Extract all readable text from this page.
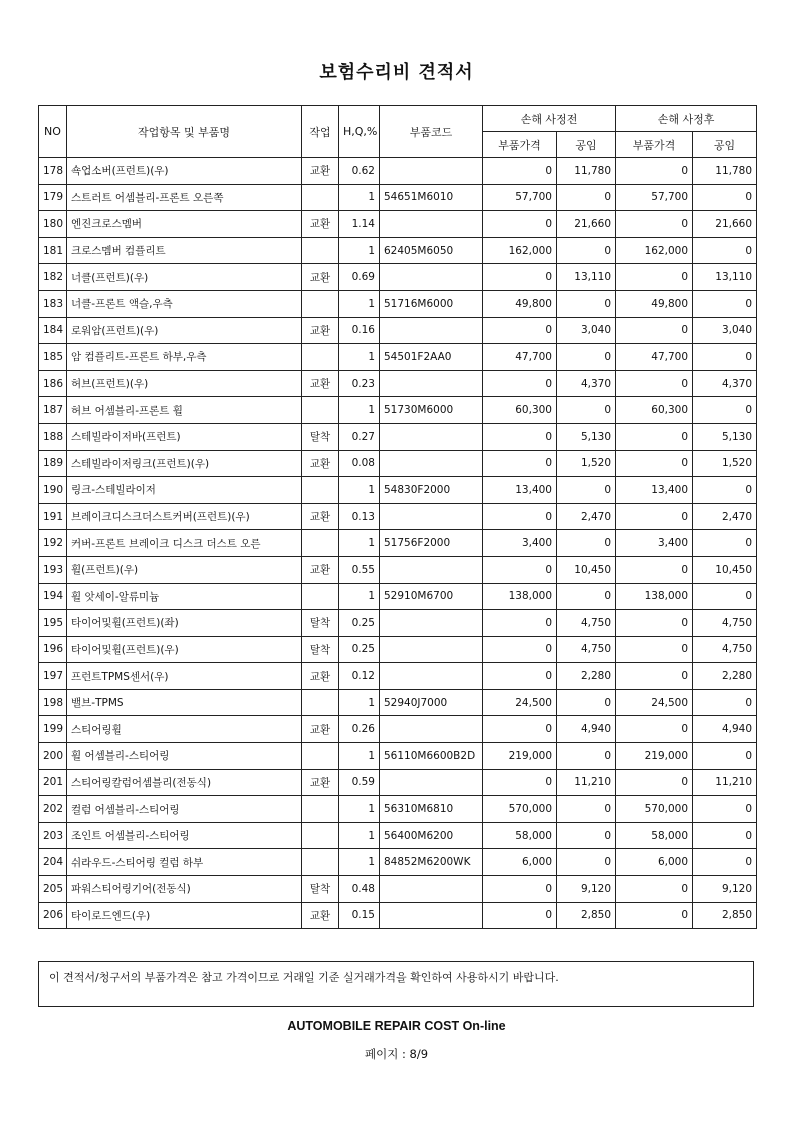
보험수리비 견적서
NO	작업항목 및 부품명	작업	H,Q,%	부품코드	손해 사정전		손해 사정후	
					부품가격	공임	부품가격	공임
178	쇽업소버(프런트)(우)	교환	0.62		0	11,780	0	11,780
179	스트러트 어셈블리-프론트 오른쪽		1	54651M6010	57,700	0	57,700	0
180	엔진크로스멤버	교환	1.14		0	21,660	0	21,660
181	크로스멤버 컴플리트		1	62405M6050	162,000	0	162,000	0
182	너클(프런트)(우)	교환	0.69		0	13,110	0	13,110
183	너클-프론트 액슬,우측		1	51716M6000	49,800	0	49,800	0
184	로워암(프런트)(우)	교환	0.16		0	3,040	0	3,040
185	암 컴플리트-프론트 하부,우측		1	54501F2AA0	47,700	0	47,700	0
186	허브(프런트)(우)	교환	0.23		0	4,370	0	4,370
187	허브 어셈블리-프론트 휠		1	51730M6000	60,300	0	60,300	0
188	스테빌라이저바(프런트)	탈착	0.27		0	5,130	0	5,130
189	스테빌라이저링크(프런트)(우)	교환	0.08		0	1,520	0	1,520
190	링크-스테빌라이저		1	54830F2000	13,400	0	13,400	0
191	브레이크디스크더스트커버(프런트)(우)	교환	0.13		0	2,470	0	2,470
192	커버-프론트 브레이크 디스크 더스트 오른		1	51756F2000	3,400	0	3,400	0
193	휠(프런트)(우)	교환	0.55		0	10,450	0	10,450
194	휠 앗세이-알류미늄		1	52910M6700	138,000	0	138,000	0
195	타이어및휠(프런트)(좌)	탈착	0.25		0	4,750	0	4,750
196	타이어및휠(프런트)(우)	탈착	0.25		0	4,750	0	4,750
197	프런트TPMS센서(우)	교환	0.12		0	2,280	0	2,280
198	밸브-TPMS		1	52940J7000	24,500	0	24,500	0
199	스티어링휠	교환	0.26		0	4,940	0	4,940
200	휠 어셈블리-스티어링		1	56110M6600B2D	219,000	0	219,000	0
201	스티어링칼럼어셈블리(전동식)	교환	0.59		0	11,210	0	11,210
202	컬럼 어셈블리-스티어링		1	56310M6810	570,000	0	570,000	0
203	조인트 어셈블리-스티어링		1	56400M6200	58,000	0	58,000	0
204	쉬라우드-스티어링 컬럼 하부		1	84852M6200WK	6,000	0	6,000	0
205	파워스티어링기어(전동식)	탈착	0.48		0	9,120	0	9,120
206	타이로드엔드(우)	교환	0.15		0	2,850	0	2,850
이 견적서/청구서의 부품가격은 참고 가격이므로 거래일 기준 실거래가격을 확인하여 사용하시기 바랍니다.
AUTOMOBILE REPAIR COST On-line
페이지 : 8/9
